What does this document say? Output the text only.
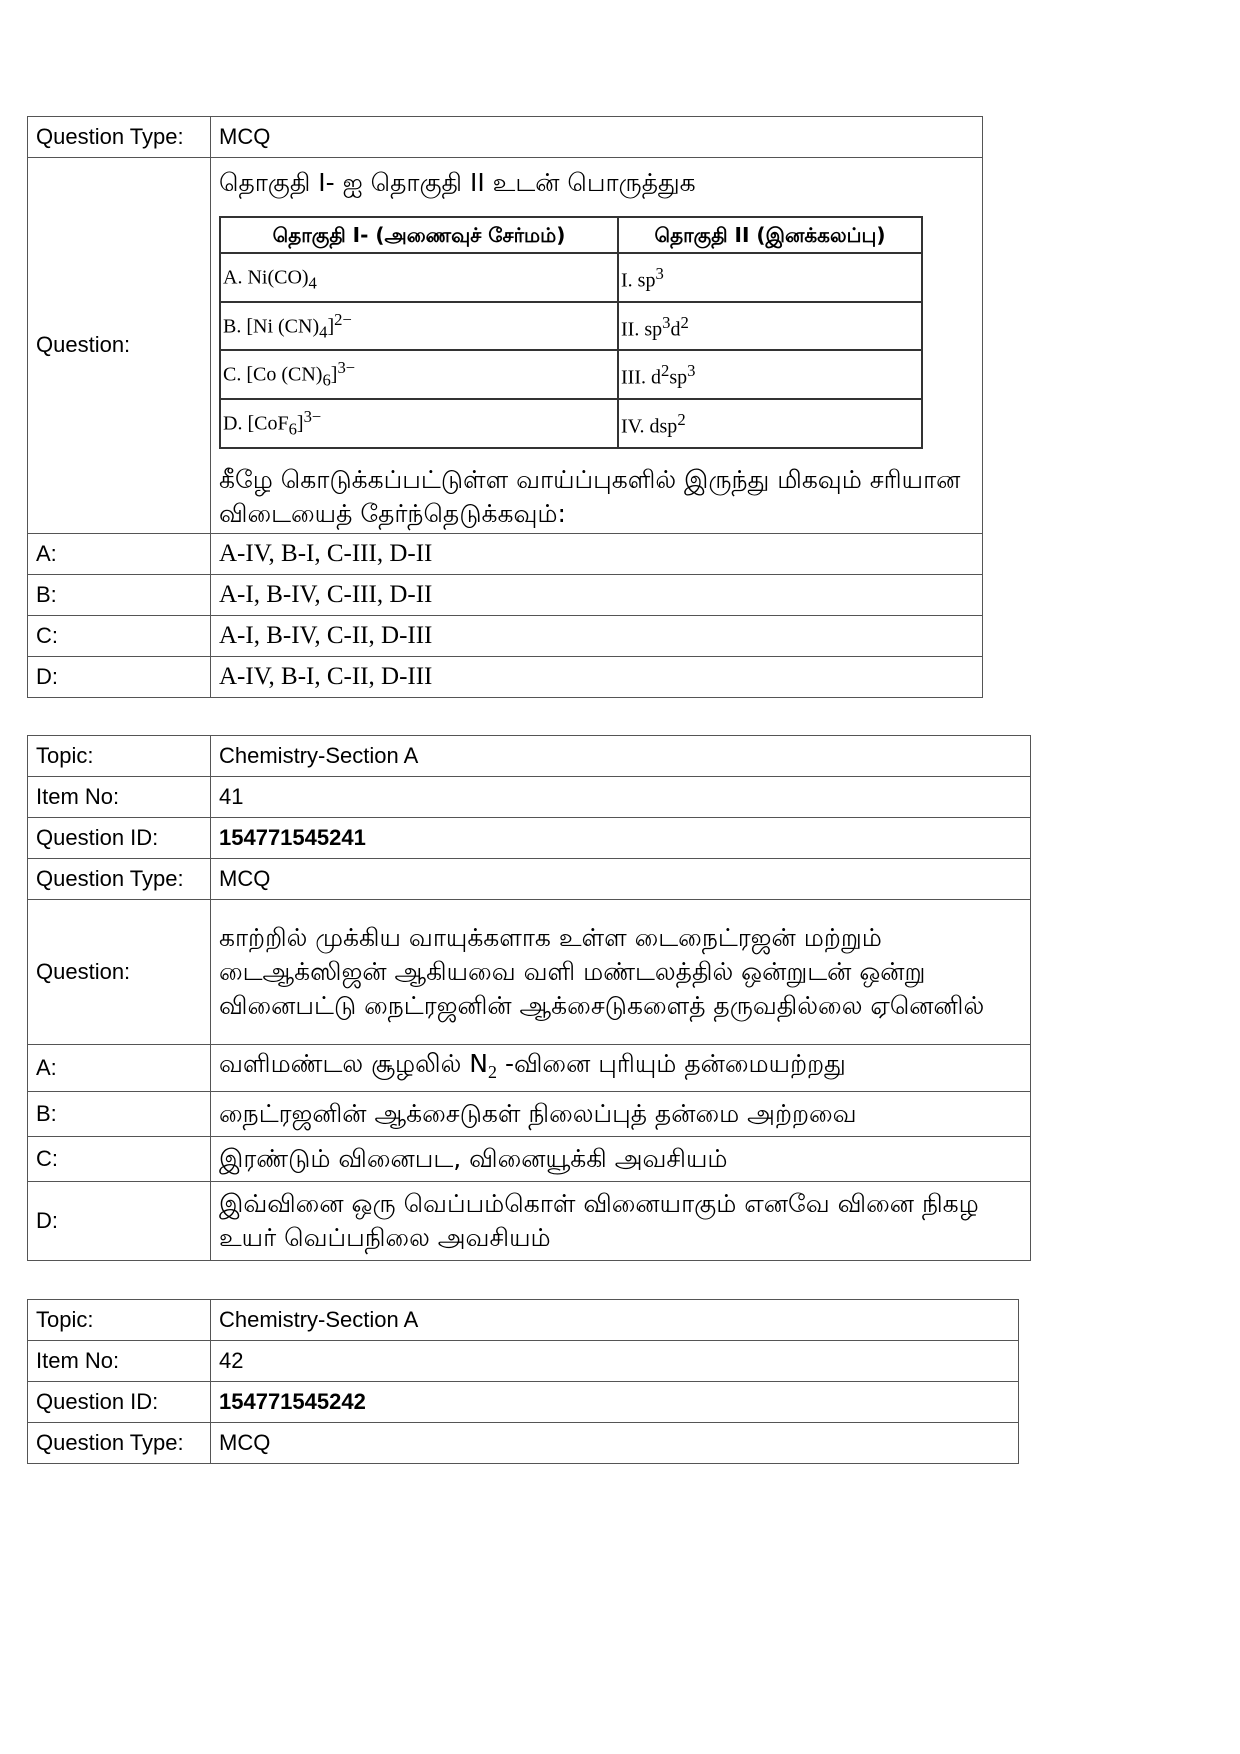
Question Type:	MCQ
Question:	
தொகுதி I- ஐ தொகுதி II உடன் பொருத்துக
தொகுதி I- (அணைவுச் சேர்மம்)	தொகுதி II (இனக்கலப்பு)
A. $Ni(CO)_4$	I. $sp^3$
B. [Ni $(CN)_4]^{2-}$	II. $sp^3d^2$
C. [Co $(CN)_6]^{3-}$	III. $d^2sp^3$
D. $[CoF_6]^{3-}$	IV. dsp$^2$
கீழே கொடுக்கப்பட்டுள்ள வாய்ப்புகளில் இருந்து மிகவும் சரியான விடையைத் தேர்ந்தெடுக்கவும்:

A:	A-IV, B-I, C-III, D-II
B:	A-I, B-IV, C-III, D-II
C:	A-I, B-IV, C-II, D-III
D:	A-IV, B-I, C-II, D-III
Topic:	Chemistry-Section A
Item No:	41
Question ID:	154771545241
Question Type:	MCQ
Question:	காற்றில் முக்கிய வாயுக்களாக உள்ள டைநைட்ரஜன் மற்றும் டைஆக்ஸிஜன் ஆகியவை வளி மண்டலத்தில் ஒன்றுடன் ஒன்று வினைபட்டு நைட்ரஜனின் ஆக்சைடுகளைத் தருவதில்லை ஏனெனில்
A:	வளிமண்டல சூழலில் $N_2$ -வினை புரியும் தன்மையற்றது
B:	நைட்ரஜனின் ஆக்சைடுகள் நிலைப்புத் தன்மை அற்றவை
C:	இரண்டும் வினைபட, வினையூக்கி அவசியம்
D:	இவ்வினை ஒரு வெப்பம்கொள் வினையாகும் எனவே வினை நிகழ உயர் வெப்பநிலை அவசியம்
Topic:	Chemistry-Section A
Item No:	42
Question ID:	154771545242
Question Type:	MCQ
